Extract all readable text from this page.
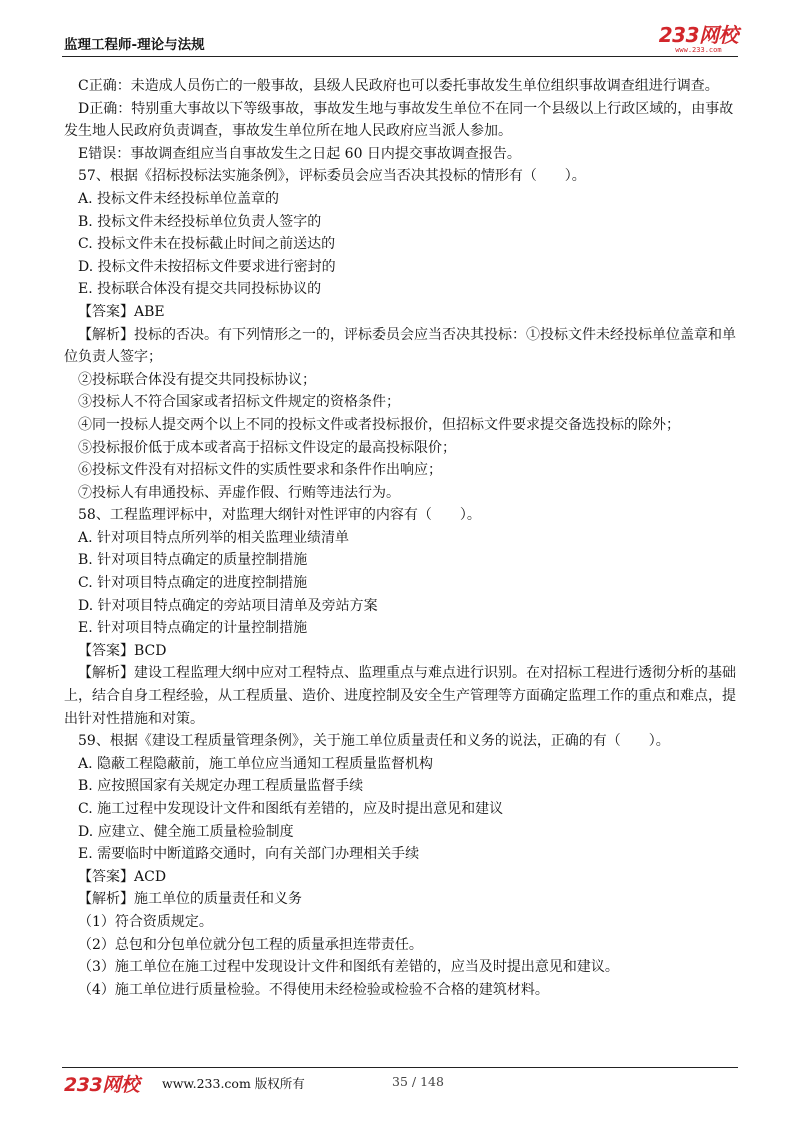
监理工程师-理论与法规	233网校
www.233.com

C正确：未造成人员伤亡的一般事故，县级人民政府也可以委托事故发生单位组织事故调查组进行调查。

D正确：特别重大事故以下等级事故，事故发生地与事故发生单位不在同一个县级以上行政区域的，由事故发生地人民政府负责调查，事故发生单位所在地人民政府应当派人参加。

E错误：事故调查组应当自事故发生之日起 60 日内提交事故调查报告。

57、根据《招标投标法实施条例》，评标委员会应当否决其投标的情形有（　　）。

A. 投标文件未经投标单位盖章的

B. 投标文件未经投标单位负责人签字的

C. 投标文件未在投标截止时间之前送达的

D. 投标文件未按招标文件要求进行密封的

E. 投标联合体没有提交共同投标协议的

【答案】ABE

【解析】投标的否决。有下列情形之一的，评标委员会应当否决其投标：①投标文件未经投标单位盖章和单位负责人签字；

②投标联合体没有提交共同投标协议；

③投标人不符合国家或者招标文件规定的资格条件；

④同一投标人提交两个以上不同的投标文件或者投标报价，但招标文件要求提交备选投标的除外；

⑤投标报价低于成本或者高于招标文件设定的最高投标限价；

⑥投标文件没有对招标文件的实质性要求和条件作出响应；

⑦投标人有串通投标、弄虚作假、行贿等违法行为。

58、工程监理评标中，对监理大纲针对性评审的内容有（　　）。

A. 针对项目特点所列举的相关监理业绩清单

B. 针对项目特点确定的质量控制措施

C. 针对项目特点确定的进度控制措施

D. 针对项目特点确定的旁站项目清单及旁站方案

E. 针对项目特点确定的计量控制措施

【答案】BCD

【解析】建设工程监理大纲中应对工程特点、监理重点与难点进行识别。在对招标工程进行透彻分析的基础上，结合自身工程经验，从工程质量、造价、进度控制及安全生产管理等方面确定监理工作的重点和难点，提出针对性措施和对策。

59、根据《建设工程质量管理条例》，关于施工单位质量责任和义务的说法，正确的有（　　）。

A. 隐蔽工程隐蔽前，施工单位应当通知工程质量监督机构

B. 应按照国家有关规定办理工程质量监督手续

C. 施工过程中发现设计文件和图纸有差错的，应及时提出意见和建议

D. 应建立、健全施工质量检验制度

E. 需要临时中断道路交通时，向有关部门办理相关手续

【答案】ACD

【解析】施工单位的质量责任和义务

（1）符合资质规定。

（2）总包和分包单位就分包工程的质量承担连带责任。

（3）施工单位在施工过程中发现设计文件和图纸有差错的，应当及时提出意见和建议。

（4）施工单位进行质量检验。不得使用未经检验或检验不合格的建筑材料。

233网校 www.233.com 版权所有	35 / 148
